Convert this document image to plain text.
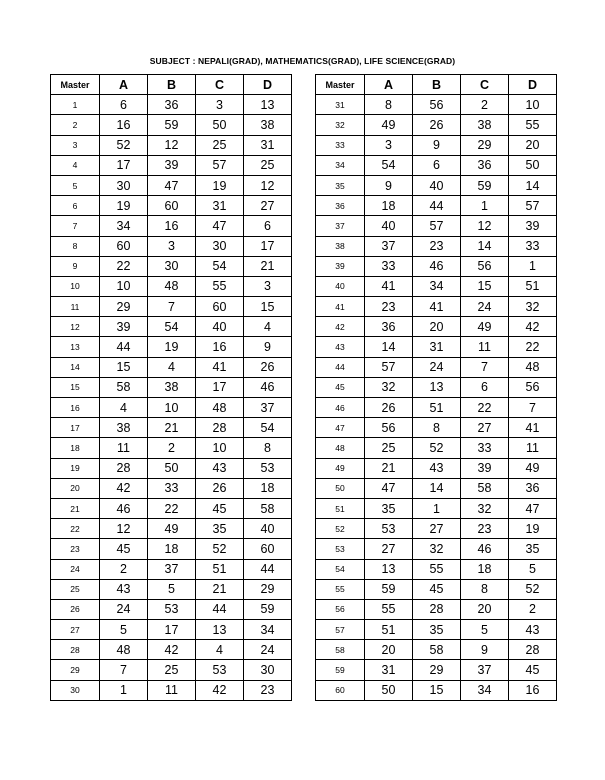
SUBJECT : NEPALI(GRAD), MATHEMATICS(GRAD), LIFE SCIENCE(GRAD)
Master	A	B	C	D
1	6	36	3	13
2	16	59	50	38
3	52	12	25	31
4	17	39	57	25
5	30	47	19	12
6	19	60	31	27
7	34	16	47	6
8	60	3	30	17
9	22	30	54	21
10	10	48	55	3
11	29	7	60	15
12	39	54	40	4
13	44	19	16	9
14	15	4	41	26
15	58	38	17	46
16	4	10	48	37
17	38	21	28	54
18	11	2	10	8
19	28	50	43	53
20	42	33	26	18
21	46	22	45	58
22	12	49	35	40
23	45	18	52	60
24	2	37	51	44
25	43	5	21	29
26	24	53	44	59
27	5	17	13	34
28	48	42	4	24
29	7	25	53	30
30	1	11	42	23
Master	A	B	C	D
31	8	56	2	10
32	49	26	38	55
33	3	9	29	20
34	54	6	36	50
35	9	40	59	14
36	18	44	1	57
37	40	57	12	39
38	37	23	14	33
39	33	46	56	1
40	41	34	15	51
41	23	41	24	32
42	36	20	49	42
43	14	31	11	22
44	57	24	7	48
45	32	13	6	56
46	26	51	22	7
47	56	8	27	41
48	25	52	33	11
49	21	43	39	49
50	47	14	58	36
51	35	1	32	47
52	53	27	23	19
53	27	32	46	35
54	13	55	18	5
55	59	45	8	52
56	55	28	20	2
57	51	35	5	43
58	20	58	9	28
59	31	29	37	45
60	50	15	34	16
